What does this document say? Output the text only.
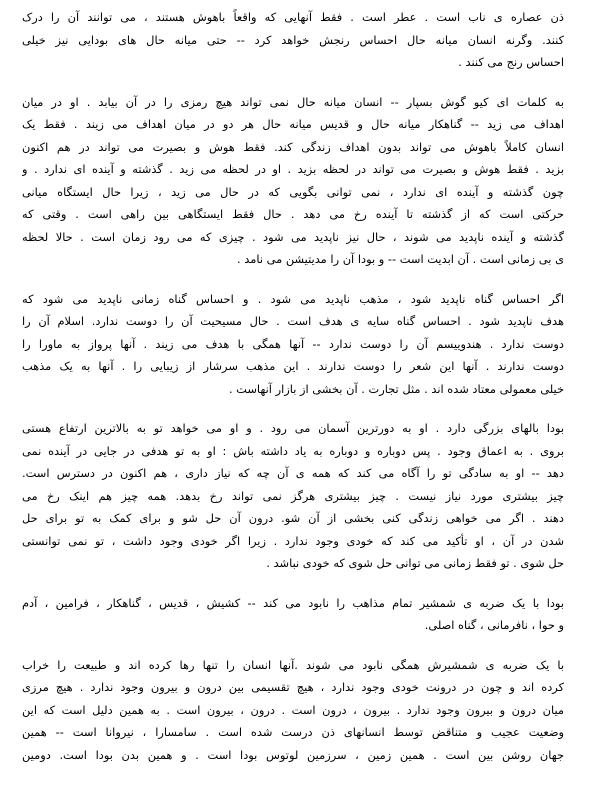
ذن عصاره ی ناب است . عطر است . فقط آنهایی که واقعاً باهوش هستند ، می توانند آن را درک
کنند. وگرنه انسان میانه حال احساس رنجش خواهد کرد -- حتی میانه حال های بودایی نیز خیلی
احساس رنج می کنند .
به کلمات ای کیو گوش بسپار -- انسان میانه حال نمی تواند هیچ رمزی را در آن بیابد . او در میان
اهداف می زید -- گناهکار میانه حال و قدیس میانه حال هر دو در میان اهداف می زیند . فقط یک
انسان کاملاً باهوش می تواند بدون اهداف زندگی کند. فقط هوش و بصیرت می تواند در هم اکنون
بزید . فقط هوش و بصیرت می تواند در لحظه بزید . او در لحظه می زید . گذشته و آینده ای ندارد . و
چون گذشته و آینده ای ندارد ، نمی توانی بگویی که در حال می زید ، زیرا حال ایستگاه میانی
حرکتی است که از گذشته تا آینده رخ می دهد . حال فقط ایستگاهی بین راهی است . وقتی که
گذشته و آینده ناپدید می شوند ، حال نیز ناپدید می شود . چیزی که می رود زمان است . حالا لحظه
ی بی زمانی است . آن ابدیت است -- و بودا آن را مدیتیشن می نامد .
اگر احساس گناه ناپدید شود ، مذهب ناپدید می شود . و احساس گناه زمانی ناپدید می شود که
هدف ناپدید شود . احساس گناه سایه ی هدف است . حال مسیحیت آن را دوست ندارد. اسلام آن را
دوست ندارد . هندوییسم آن را دوست ندارد -- آنها همگی با هدف می زیند . آنها پرواز به ماورا را
دوست ندارند . آنها این شعر را دوست ندارند . این مذهب سرشار از زیبایی را . آنها به یک مذهب
خیلی معمولی معتاد شده اند . مثل تجارت . آن بخشی از بازار آنهاست .
بودا بالهای بزرگی دارد . او به دورترین آسمان می رود . و او می خواهد تو به بالاترین ارتفاع هستی
بروی . به اعماق وجود . پس دوباره و دوباره به یاد داشته باش : او به تو هدفی در جایی در آینده نمی
دهد -- او به سادگی تو را آگاه می کند که همه ی آن چه که نیاز داری ، هم اکنون در دسترس است.
چیز بیشتری مورد نیاز نیست . چیز بیشتری هرگز نمی تواند رخ بدهد. همه چیز هم اینک رخ می
دهند . اگر می خواهی زندگی کنی بخشی از آن شو. درون آن حل شو و برای کمک به تو برای حل
شدن در آن ، او تأکید می کند که خودی وجود ندارد . زیرا اگر خودی وجود داشت ، تو نمی توانستی
حل شوی . تو فقط زمانی می توانی حل شوی که خودی نباشد .
بودا با یک ضربه ی شمشیر تمام مذاهب را نابود می کند -- کشیش ، قدیس ، گناهکار ، فرامین ، آدم
و حوا ، نافرمانی ، گناه اصلی.
با یک ضربه ی شمشیرش همگی نابود می شوند .آنها انسان را تنها رها کرده اند و طبیعت را خراب
کرده اند و چون در درونت خودی وجود ندارد ، هیچ تقسیمی بین درون و بیرون وجود ندارد . هیچ مرزی
میان درون و بیرون وجود ندارد . بیرون ، درون است . درون ، بیرون است . به همین دلیل است که این
وضعیت عجیب و متناقض توسط انسانهای ذن درست شده است . سامسارا ، نیروانا است -- همین
جهان روشن بین است . همین زمین ، سرزمین لوتوس بودا است . و همین بدن بودا است. دومین
